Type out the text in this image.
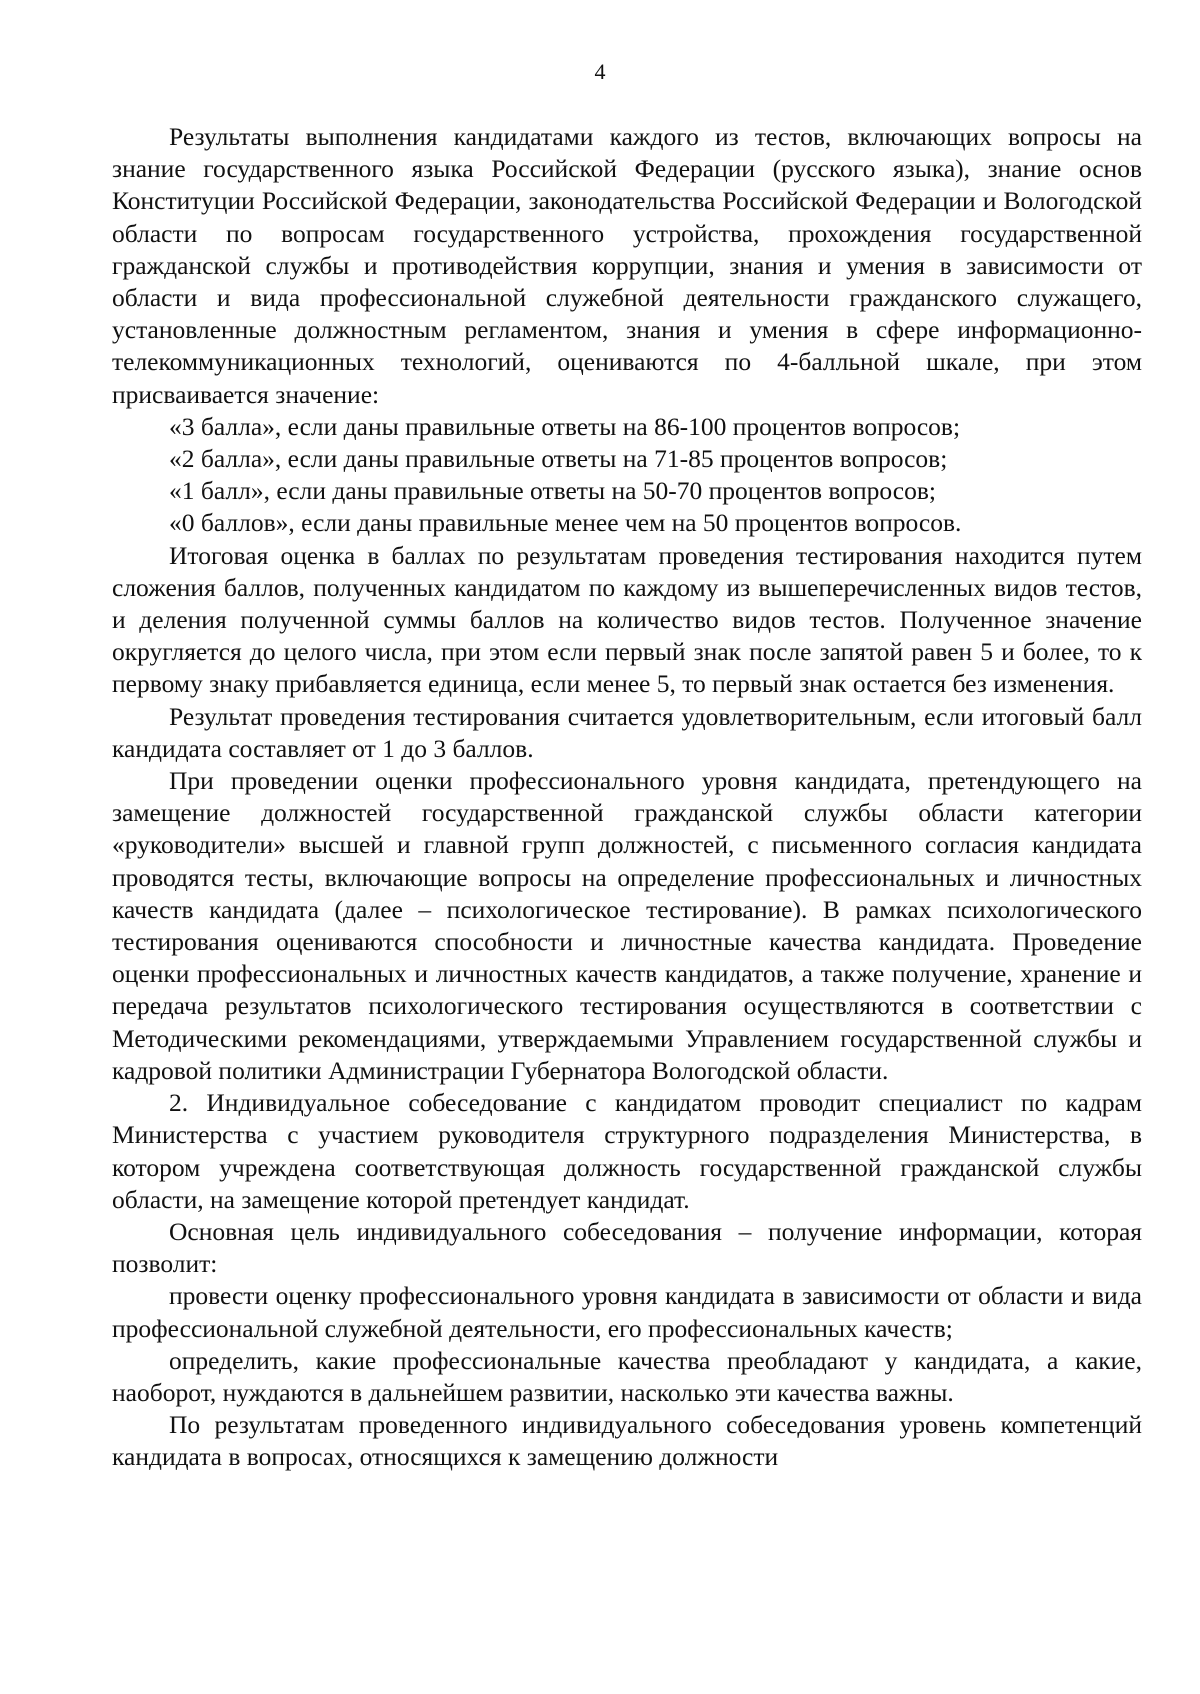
4

Результаты выполнения кандидатами каждого из тестов, включающих вопросы на знание государственного языка Российской Федерации (русского языка), знание основ Конституции Российской Федерации, законодательства Российской Федерации и Вологодской области по вопросам государственного устройства, прохождения государственной гражданской службы и противодействия коррупции, знания и умения в зависимости от области и вида профессиональной служебной деятельности гражданского служащего, установленные должностным регламентом, знания и умения в сфере информационно-телекоммуникационных технологий, оцениваются по 4-балльной шкале, при этом присваивается значение:

«3 балла», если даны правильные ответы на 86-100 процентов вопросов;

«2 балла», если даны правильные ответы на 71-85 процентов вопросов;

«1 балл», если даны правильные ответы на 50-70 процентов вопросов;

«0 баллов», если даны правильные менее чем на 50 процентов вопросов.

Итоговая оценка в баллах по результатам проведения тестирования находится путем сложения баллов, полученных кандидатом по каждому из вышеперечисленных видов тестов, и деления полученной суммы баллов на количество видов тестов. Полученное значение округляется до целого числа, при этом если первый знак после запятой равен 5 и более, то к первому знаку прибавляется единица, если менее 5, то первый знак остается без изменения.

Результат проведения тестирования считается удовлетворительным, если итоговый балл кандидата составляет от 1 до 3 баллов.

При проведении оценки профессионального уровня кандидата, претендующего на замещение должностей государственной гражданской службы области категории «руководители» высшей и главной групп должностей, с письменного согласия кандидата проводятся тесты, включающие вопросы на определение профессиональных и личностных качеств кандидата (далее – психологическое тестирование). В рамках психологического тестирования оцениваются способности и личностные качества кандидата. Проведение оценки профессиональных и личностных качеств кандидатов, а также получение, хранение и передача результатов психологического тестирования осуществляются в соответствии с Методическими рекомендациями, утверждаемыми Управлением государственной службы и кадровой политики Администрации Губернатора Вологодской области.

2. Индивидуальное собеседование с кандидатом проводит специалист по кадрам Министерства с участием руководителя структурного подразделения Министерства, в котором учреждена соответствующая должность государственной гражданской службы области, на замещение которой претендует кандидат.

Основная цель индивидуального собеседования – получение информации, которая позволит:

провести оценку профессионального уровня кандидата в зависимости от области и вида профессиональной служебной деятельности, его профессиональных качеств;

определить, какие профессиональные качества преобладают у кандидата, а какие, наоборот, нуждаются в дальнейшем развитии, насколько эти качества важны.

По результатам проведенного индивидуального собеседования уровень компетенций кандидата в вопросах, относящихся к замещению должности
